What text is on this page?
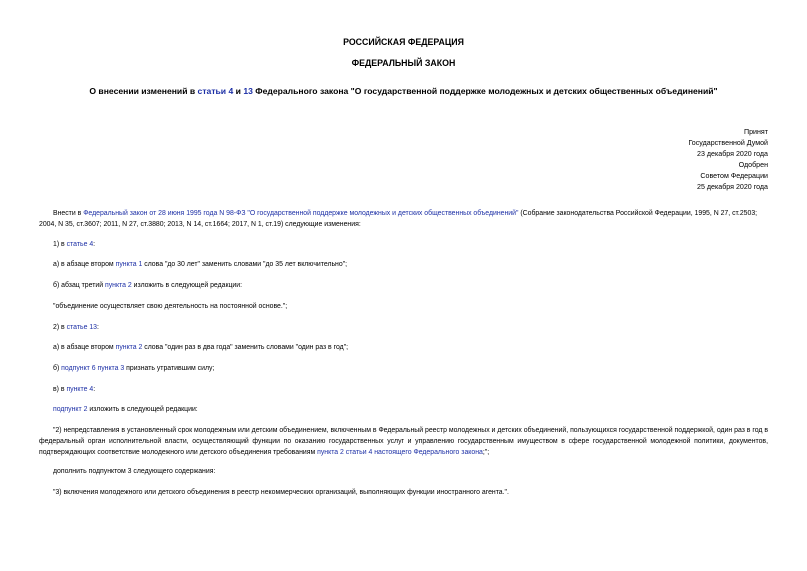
РОССИЙСКАЯ ФЕДЕРАЦИЯ
ФЕДЕРАЛЬНЫЙ ЗАКОН
О внесении изменений в статьи 4 и 13 Федерального закона "О государственной поддержке молодежных и детских общественных объединений"
Принят
Государственной Думой
23 декабря 2020 года
Одобрен
Советом Федерации
25 декабря 2020 года
Внести в Федеральный закон от 28 июня 1995 года N 98-ФЗ "О государственной поддержке молодежных и детских общественных объединений" (Собрание законодательства Российской Федерации, 1995, N 27, ст.2503; 2004, N 35, ст.3607; 2011, N 27, ст.3880; 2013, N 14, ст.1664; 2017, N 1, ст.19) следующие изменения:
1) в статье 4:
а) в абзаце втором пункта 1 слова "до 30 лет" заменить словами "до 35 лет включительно";
б) абзац третий пункта 2 изложить в следующей редакции:
"объединение осуществляет свою деятельность на постоянной основе.";
2) в статье 13:
а) в абзаце втором пункта 2 слова "один раз в два года" заменить словами "один раз в год";
б) подпункт 6 пункта 3 признать утратившим силу;
в) в пункте 4:
подпункт 2 изложить в следующей редакции:
"2) непредставления в установленный срок молодежным или детским объединением, включенным в Федеральный реестр молодежных и детских объединений, пользующихся государственной поддержкой, один раз в год в федеральный орган исполнительной власти, осуществляющий функции по оказанию государственных услуг и управлению государственным имуществом в сфере государственной молодежной политики, документов, подтверждающих соответствие молодежного или детского объединения требованиям пункта 2 статьи 4 настоящего Федерального закона;";
дополнить подпунктом 3 следующего содержания:
"3) включения молодежного или детского объединения в реестр некоммерческих организаций, выполняющих функции иностранного агента.".
